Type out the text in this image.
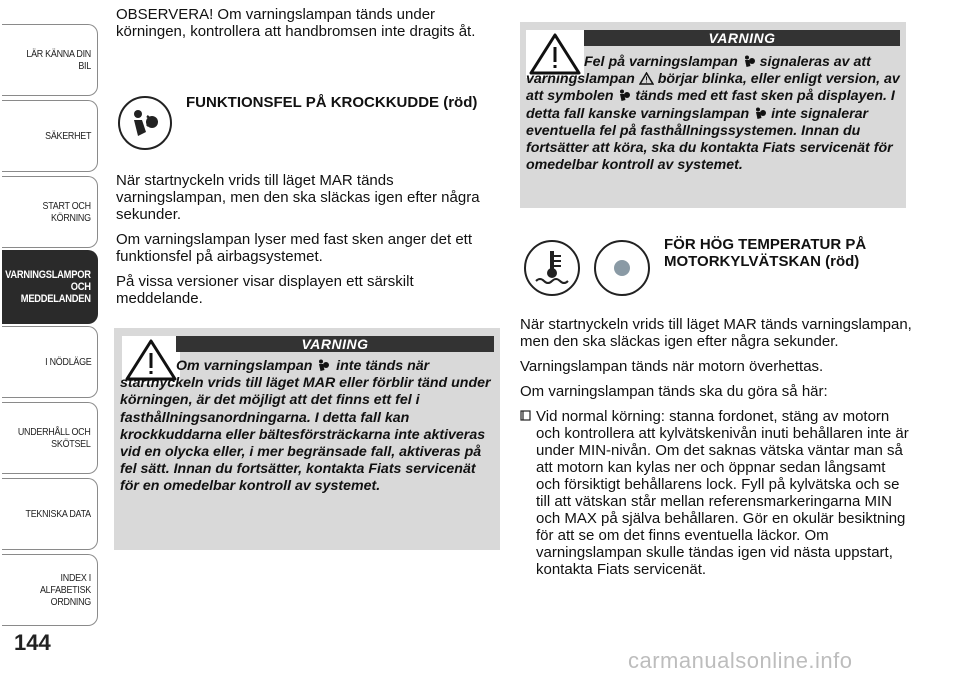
LÄR KÄNNA DIN BIL
SÄKERHET
START OCH
KÖRNING
VARNINGSLAMPOR
OCH
MEDDELANDEN
I NÖDLÄGE
UNDERHÅLL OCH
SKÖTSEL
TEKNISKA DATA
INDEX I ALFABETISK
ORDNING
144
carmanualsonline.info

OBSERVERA! Om varningslampan tänds under körningen, kontrollera att handbromsen inte dragits åt.

FUNKTIONSFEL PÅ KROCKKUDDE (röd)

När startnyckeln vrids till läget MAR tänds varningslampan, men den ska släckas igen efter några sekunder.

Om varningslampan lyser med fast sken anger det ett funktionsfel på airbagsystemet.

På vissa versioner visar displayen ett särskilt meddelande.

VARNING
Om varningslampan	inte tänds när startnyckeln vrids till läget MAR eller förblir tänd under körningen, är det möjligt att det finns ett fel i fasthållningsanordningarna. I detta fall kan krockkuddarna eller bältesförsträckarna inte aktiveras vid en olycka eller, i mer begränsade fall, aktiveras på fel sätt. Innan du fortsätter, kontakta Fiats servicenät för en omedelbar kontroll av systemet.
VARNING
Fel på varningslampan signaleras av att varningslampan börjar blinka, eller enligt version, av att symbolen tänds med ett fast sken på displayen. I detta fall kanske varningslampan inte signalerar eventuella fel på fasthållningssystemen. Innan du fortsätter att köra, ska du kontakta Fiats servicenät för omedelbar kontroll av systemet.
FÖR HÖG TEMPERATUR PÅ MOTORKYLVÄTSKAN (röd)

När startnyckeln vrids till läget MAR tänds varningslampan, men den ska släckas igen efter några sekunder.

Varningslampan tänds när motorn överhettas.

Om varningslampan tänds ska du göra så här:

Vid normal körning: stanna fordonet, stäng av motorn och kontrollera att kylvätskenivån inuti behållaren inte är under MIN-nivån. Om det saknas vätska väntar man så att motorn kan kylas ner och öppnar sedan långsamt och försiktigt behållarens lock. Fyll på kylvätska och se till att vätskan står mellan referensmarkeringarna MIN och MAX på själva behållaren. Gör en okulär besiktning för att se om det finns eventuella läckor. Om varningslampan skulle tändas igen vid nästa uppstart, kontakta Fiats servicenät.
